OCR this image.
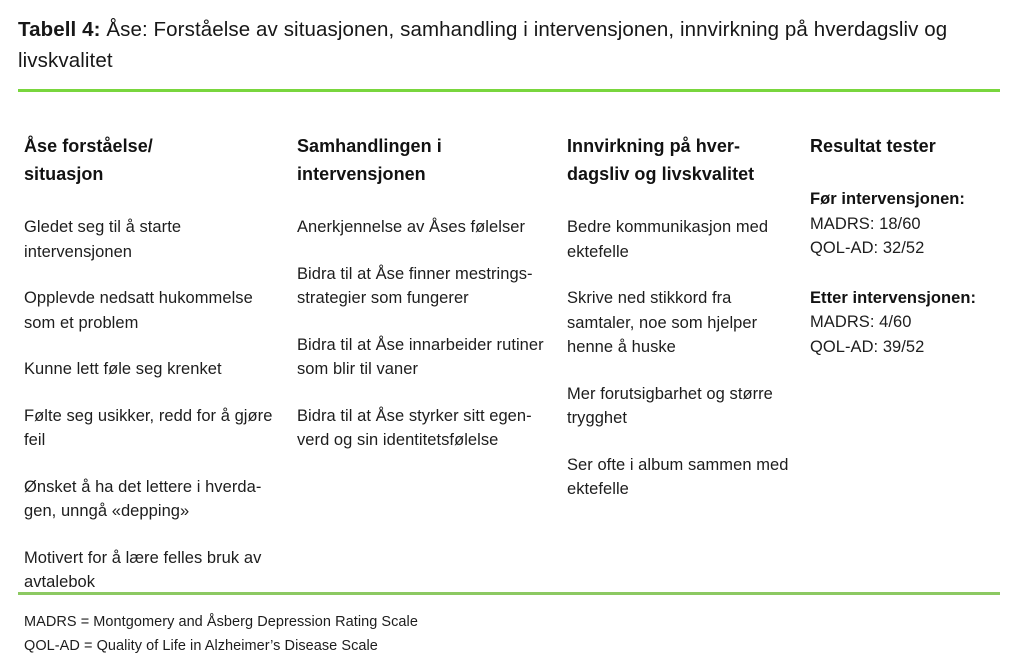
Tabell 4: Åse: Forståelse av situasjonen, samhandling i intervensjonen, innvirkning på hverdagsliv og livskvalitet

Åse forståelse/
situasjon

Gledet seg til å starte intervensjonen

Opplevde nedsatt hukommelse som et problem

Kunne lett føle seg krenket

Følte seg usikker, redd for å gjøre feil

Ønsket å ha det lettere i hverda-gen, unngå «depping»

Motivert for å lære felles bruk av avtalebok

Samhandlingen i
intervensjonen

Anerkjennelse av Åses følelser

Bidra til at Åse finner mestrings-strategier som fungerer

Bidra til at Åse innarbeider rutiner som blir til vaner

Bidra til at Åse styrker sitt egen-verd og sin identitetsfølelse

Innvirkning på hver-
dagsliv og livskvalitet

Bedre kommunikasjon med ektefelle

Skrive ned stikkord fra samtaler, noe som hjelper henne å huske

Mer forutsigbarhet og større trygghet

Ser ofte i album sammen med ektefelle

Resultat tester
Før intervensjonen:
MADRS: 18/60
QOL-AD: 32/52
Etter intervensjonen:
MADRS: 4/60
QOL-AD: 39/52
MADRS = Montgomery and Åsberg Depression Rating Scale
QOL-AD = Quality of Life in Alzheimer’s Disease Scale
